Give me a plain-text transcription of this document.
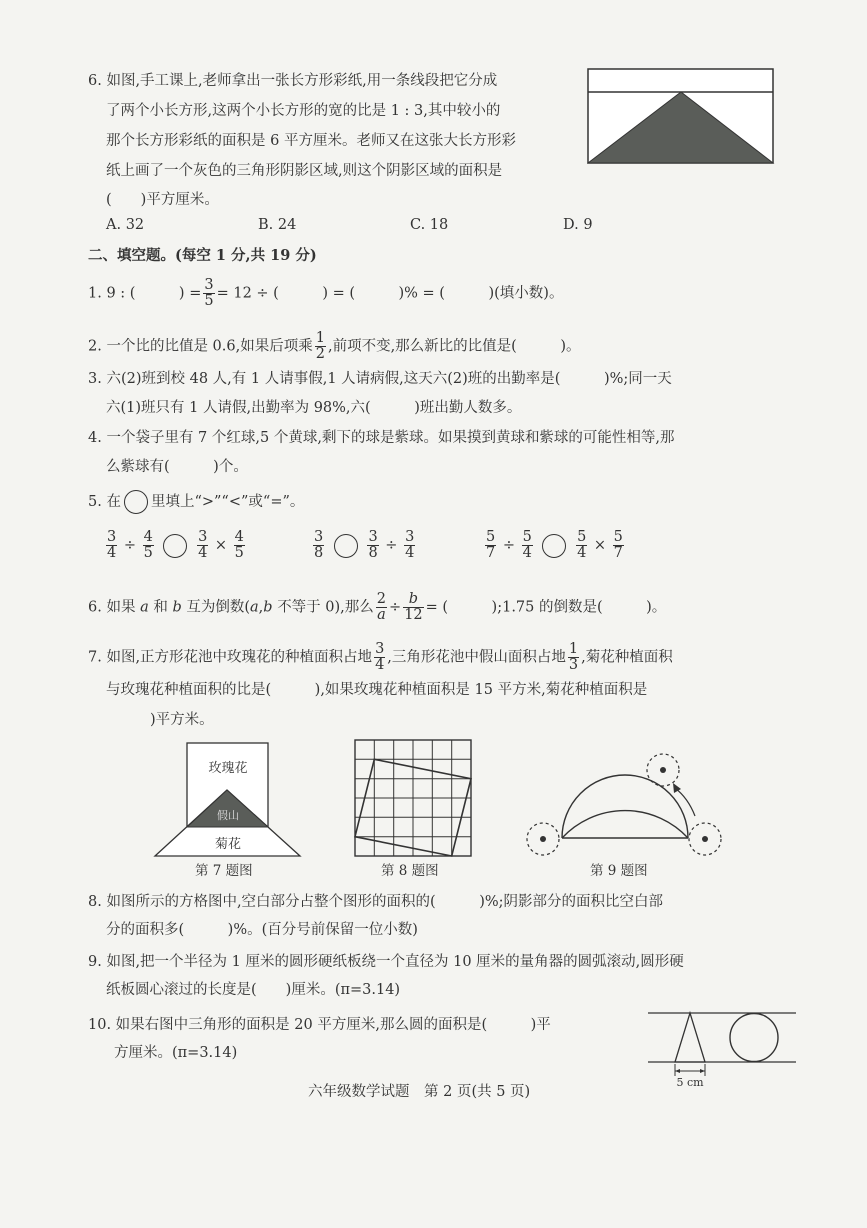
6. 如图,手工课上,老师拿出一张长方形彩纸,用一条线段把它分成
了两个小长方形,这两个小长方形的宽的比是 1 : 3,其中较小的
那个长方形彩纸的面积是 6 平方厘米。老师又在这张大长方形彩
纸上画了一个灰色的三角形阴影区域,则这个阴影区域的面积是
(　　)平方厘米。
A. 32	B. 24	C. 18	D. 9
二、填空题。(每空 1 分,共 19 分)
1. 9 : (　　　) = $\frac{3}{5} = 12$ ÷ (　　　) = (　　　)% = (　　　)(填小数)。
2. 一个比的比值是 0.6,如果后项乘 $\frac{1}{2}$ ,前项不变,那么新比的比值是(　　　)。
3. 六(2)班到校 48 人,有 1 人请事假,1 人请病假,这天六(2)班的出勤率是(　　　)%;同一天
六(1)班只有 1 人请假,出勤率为 98%,六(　　　)班出勤人数多。
4. 一个袋子里有 7 个红球,5 个黄球,剩下的球是紫球。如果摸到黄球和紫球的可能性相等,那
么紫球有(　　　)个。
5. 在 里填上“>”“<”或“=”。
$\frac{3}{4} \div \frac{4}{5}$
	$\frac{3}{4} \times \frac{4}{5}$	$\frac{3}{8}$
	$\frac{3}{8} \div \frac{3}{4}$	$\frac{5}{7} \div \frac{5}{4}$
	$\frac{5}{4} \times \frac{5}{7}$
6. 如果 a 和 b 互为倒数(a,b 不等于 0),那么 $\frac{2}{a} \div \frac{b}{12}$ = (　　　);1.75 的倒数是(　　　)。
7. 如图,正方形花池中玫瑰花的种植面积占地 $\frac{3}{4}$ ,三角形花池中假山面积占地 $\frac{1}{3}$ ,菊花种植面积
与玫瑰花种植面积的比是(　　　),如果玫瑰花种植面积是 15 平方米,菊花种植面积是
)平方米。
玫瑰花
假山
菊花
第 7 题图	第 8 题图	第 9 题图
8. 如图所示的方格图中,空白部分占整个图形的面积的(　　　)%;阴影部分的面积比空白部
分的面积多(　　　)%。(百分号前保留一位小数)
9. 如图,把一个半径为 1 厘米的圆形硬纸板绕一个直径为 10 厘米的量角器的圆弧滚动,圆形硬
纸板圆心滚过的长度是(　　)厘米。(π=3.14)
10. 如果右图中三角形的面积是 20 平方厘米,那么圆的面积是(　　　)平
方厘米。(π=3.14)
5 cm
六年级数学试题　第 2 页(共 5 页)
